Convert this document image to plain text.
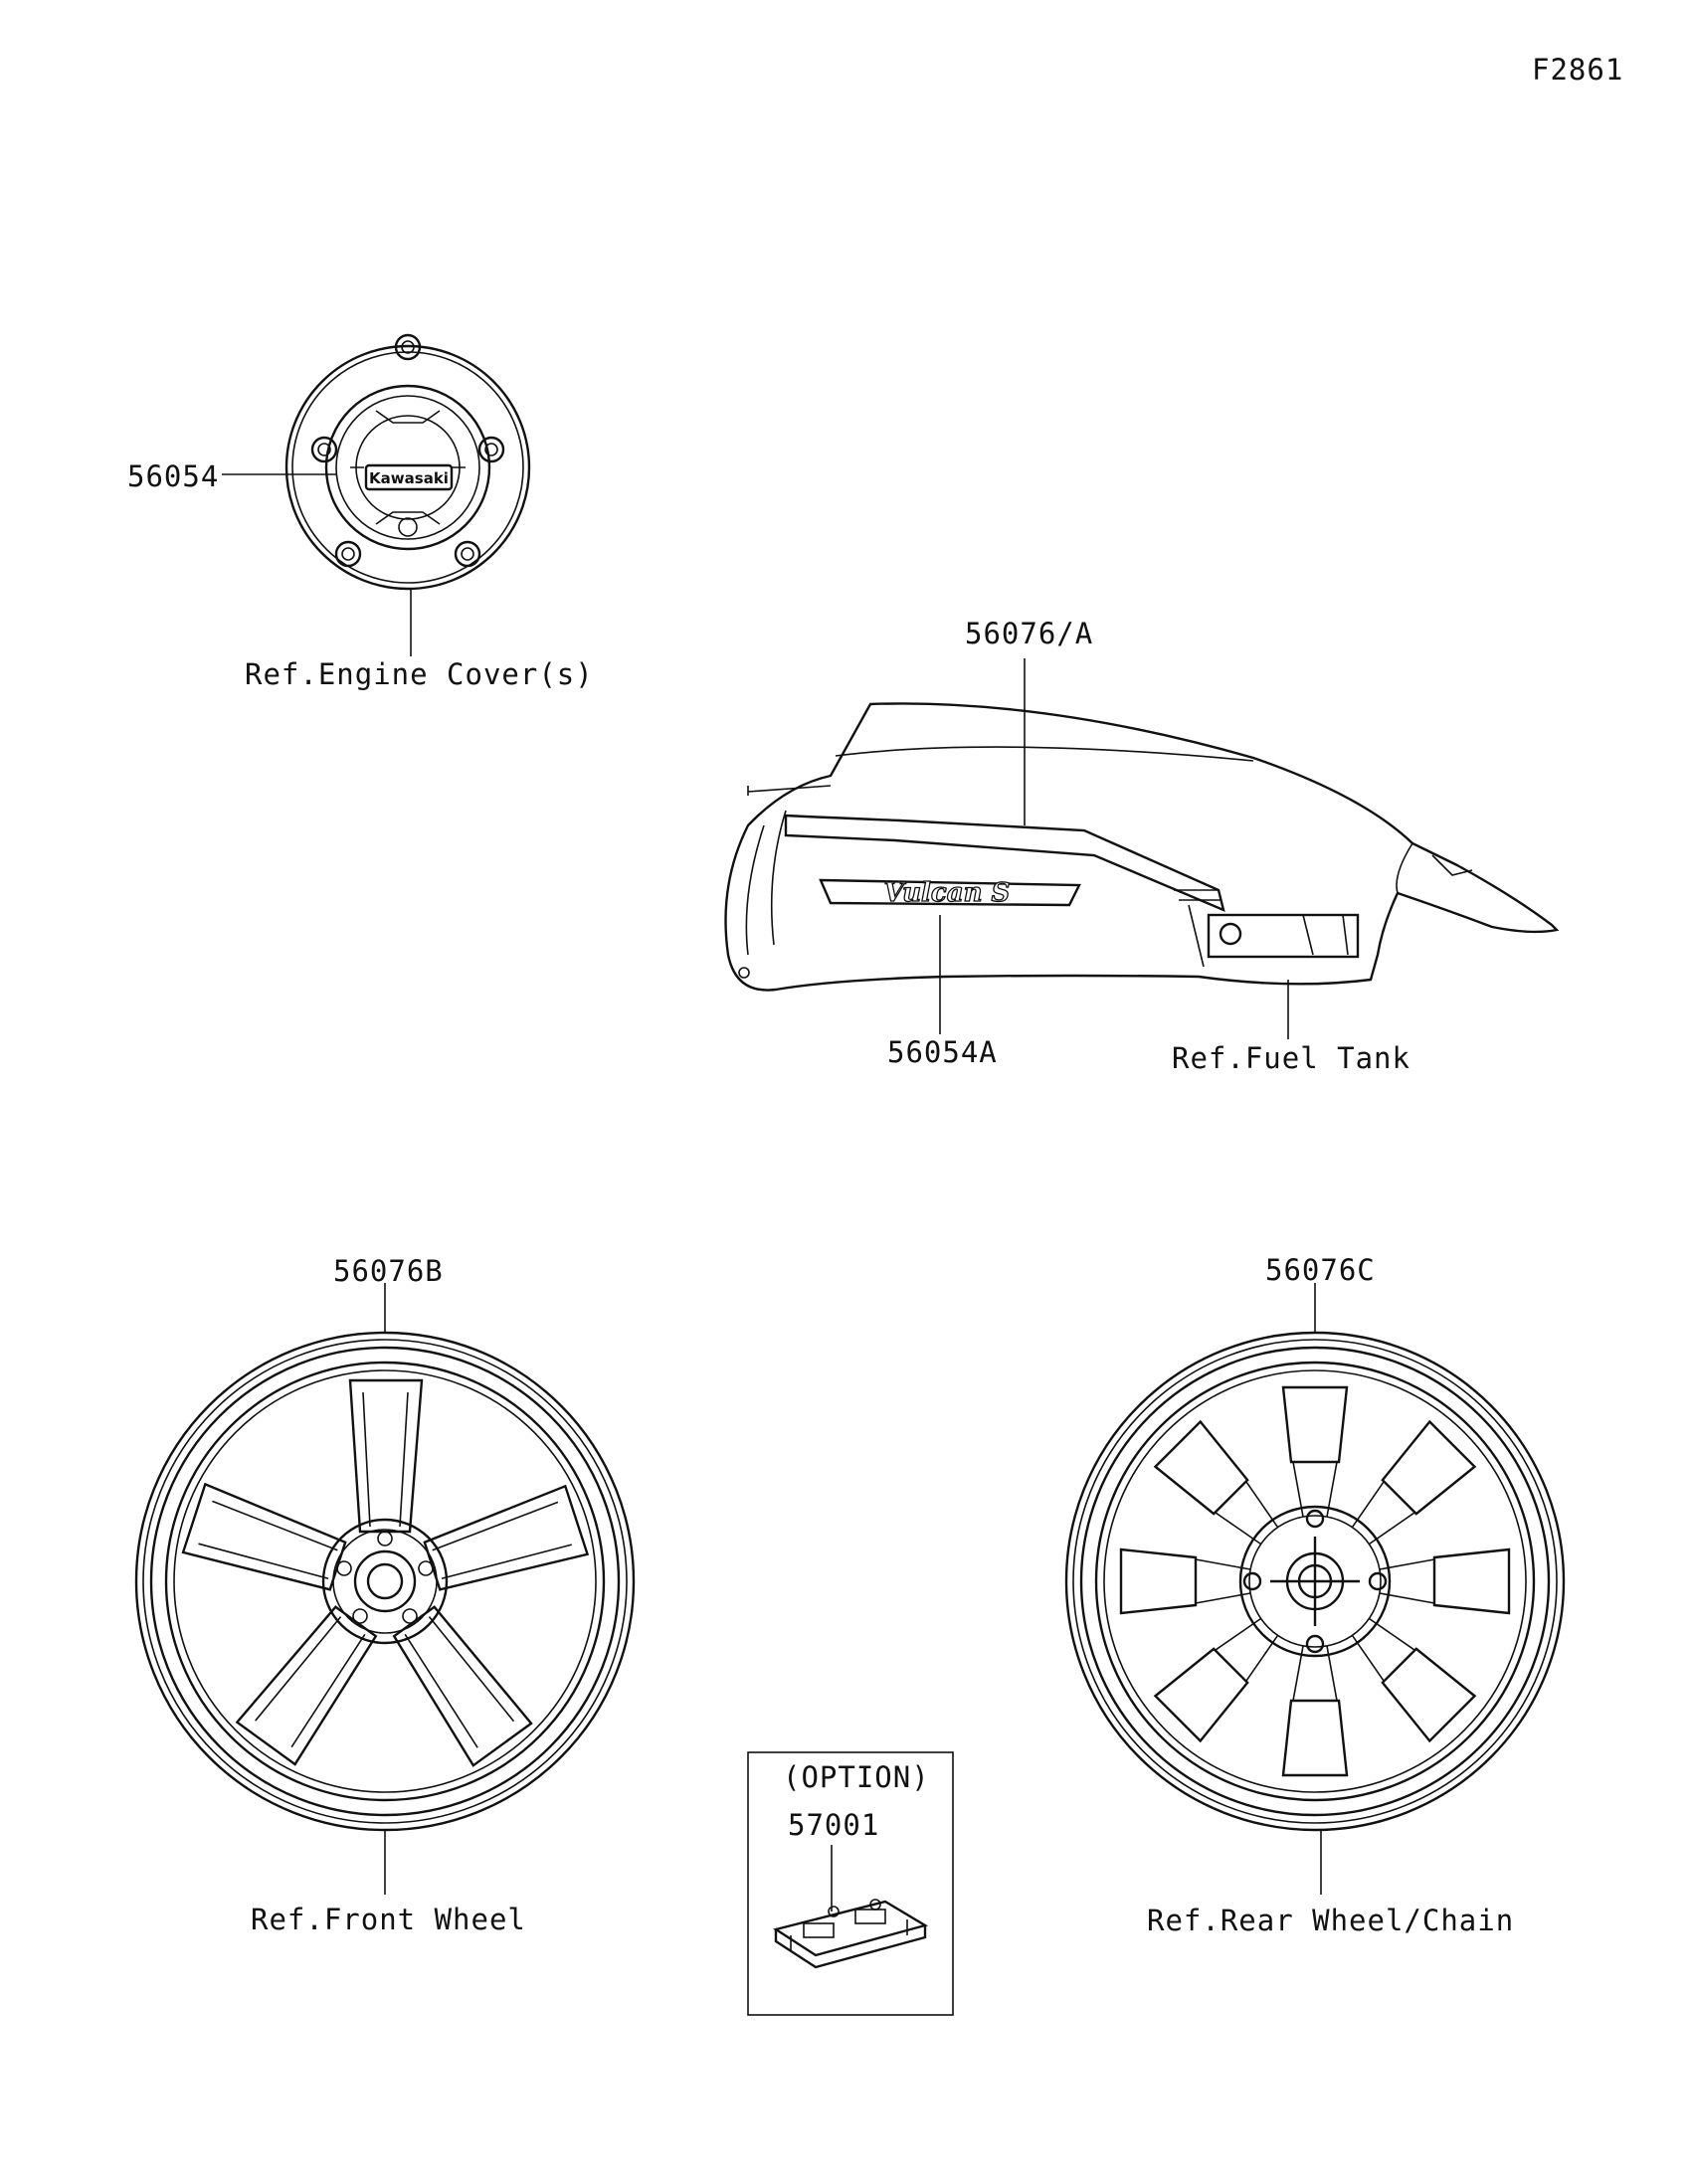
F2861
Kawasaki
56054
Ref.Engine Cover(s)
Vulcan S
56076/A
56054A	Ref.Fuel Tank
56076B
Ref.Front Wheel
56076C
Ref.Rear Wheel/Chain
(OPTION)
57001
